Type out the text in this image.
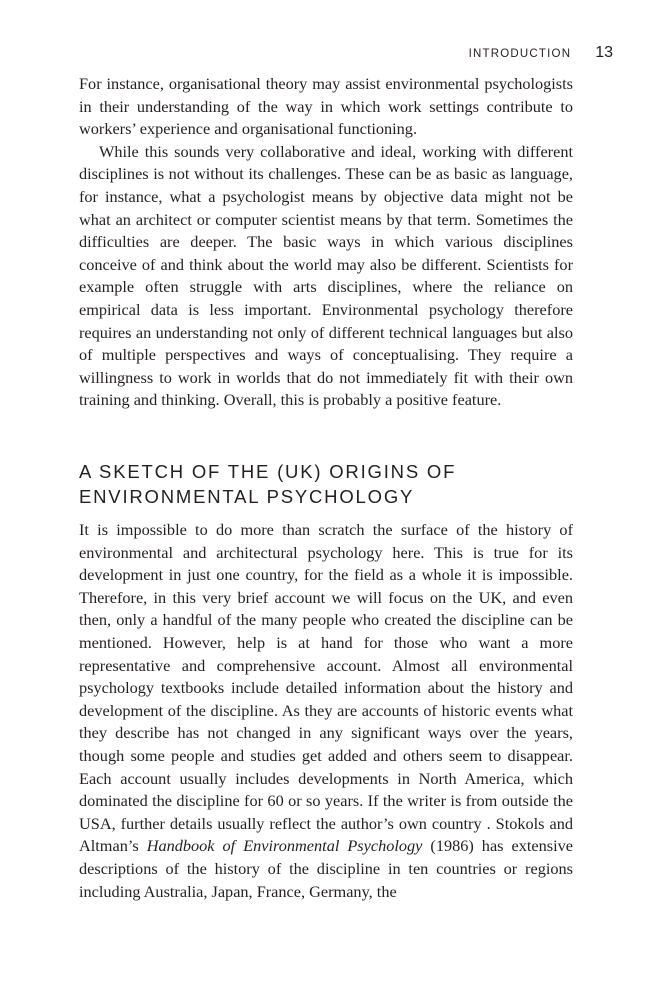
INTRODUCTION 13

For instance, organisational theory may assist environmental psychologists in their understanding of the way in which work settings contribute to workers’ experience and organisational functioning.

While this sounds very collaborative and ideal, working with different disciplines is not without its challenges. These can be as basic as language, for instance, what a psychologist means by objective data might not be what an architect or computer scientist means by that term. Sometimes the difficulties are deeper. The basic ways in which various disciplines conceive of and think about the world may also be different. Scientists for example often struggle with arts disciplines, where the reliance on empirical data is less important. Environmental psychology therefore requires an understanding not only of different technical languages but also of multiple perspectives and ways of conceptualising. They require a willingness to work in worlds that do not immediately fit with their own training and thinking. Overall, this is probably a positive feature.

A SKETCH OF THE (UK) ORIGINS OF
ENVIRONMENTAL PSYCHOLOGY

It is impossible to do more than scratch the surface of the history of environmental and architectural psychology here. This is true for its development in just one country, for the field as a whole it is impossible. Therefore, in this very brief account we will focus on the UK, and even then, only a handful of the many people who created the discipline can be mentioned. However, help is at hand for those who want a more representative and comprehensive account. Almost all environmental psychology textbooks include detailed information about the history and development of the discipline. As they are accounts of historic events what they describe has not changed in any significant ways over the years, though some people and studies get added and others seem to disappear. Each account usually includes developments in North America, which dominated the discipline for 60 or so years. If the writer is from outside the USA, further details usually reflect the author’s own country . Stokols and Altman’s Handbook of Environmental Psychology (1986) has extensive descriptions of the history of the discipline in ten countries or regions including Australia, Japan, France, Germany, the
